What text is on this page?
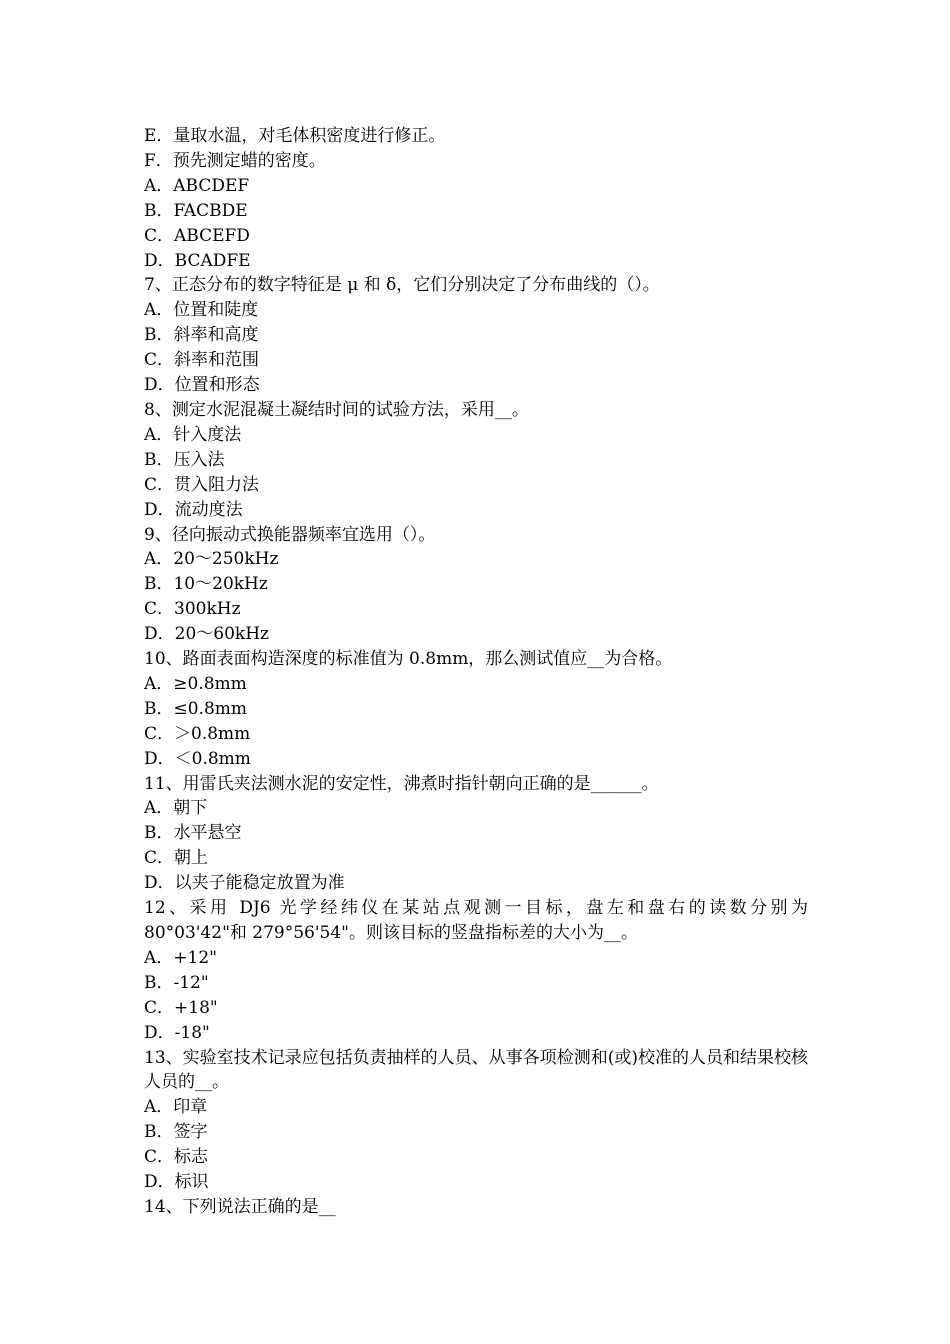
E．量取水温，对毛体积密度进行修正。

F．预先测定蜡的密度。

A．ABCDEF

B．FACBDE

C．ABCEFD

D．BCADFE

7、正态分布的数字特征是 μ 和 δ，它们分别决定了分布曲线的（）。

A．位置和陡度

B．斜率和高度

C．斜率和范围

D．位置和形态

8、测定水泥混凝土凝结时间的试验方法，采用__。

A．针入度法

B．压入法

C．贯入阻力法

D．流动度法

9、径向振动式换能器频率宜选用（）。

A．20～250kHz

B．10～20kHz

C．300kHz

D．20～60kHz

10、路面表面构造深度的标准值为 0.8mm，那么测试值应__为合格。

A．≥0.8mm

B．≤0.8mm

C．＞0.8mm

D．＜0.8mm

11、用雷氏夹法测水泥的安定性，沸煮时指针朝向正确的是______。

A．朝下

B．水平悬空

C．朝上

D．以夹子能稳定放置为准

12、采用 DJ6 光学经纬仪在某站点观测一目标，盘左和盘右的读数分别为 80°03'42"和 279°56'54"。则该目标的竖盘指标差的大小为__。

A．+12"

B．-12"

C．+18"

D．-18"

13、实验室技术记录应包括负责抽样的人员、从事各项检测和(或)校准的人员和结果校核人员的__。

A．印章

B．签字

C．标志

D．标识

14、下列说法正确的是__
